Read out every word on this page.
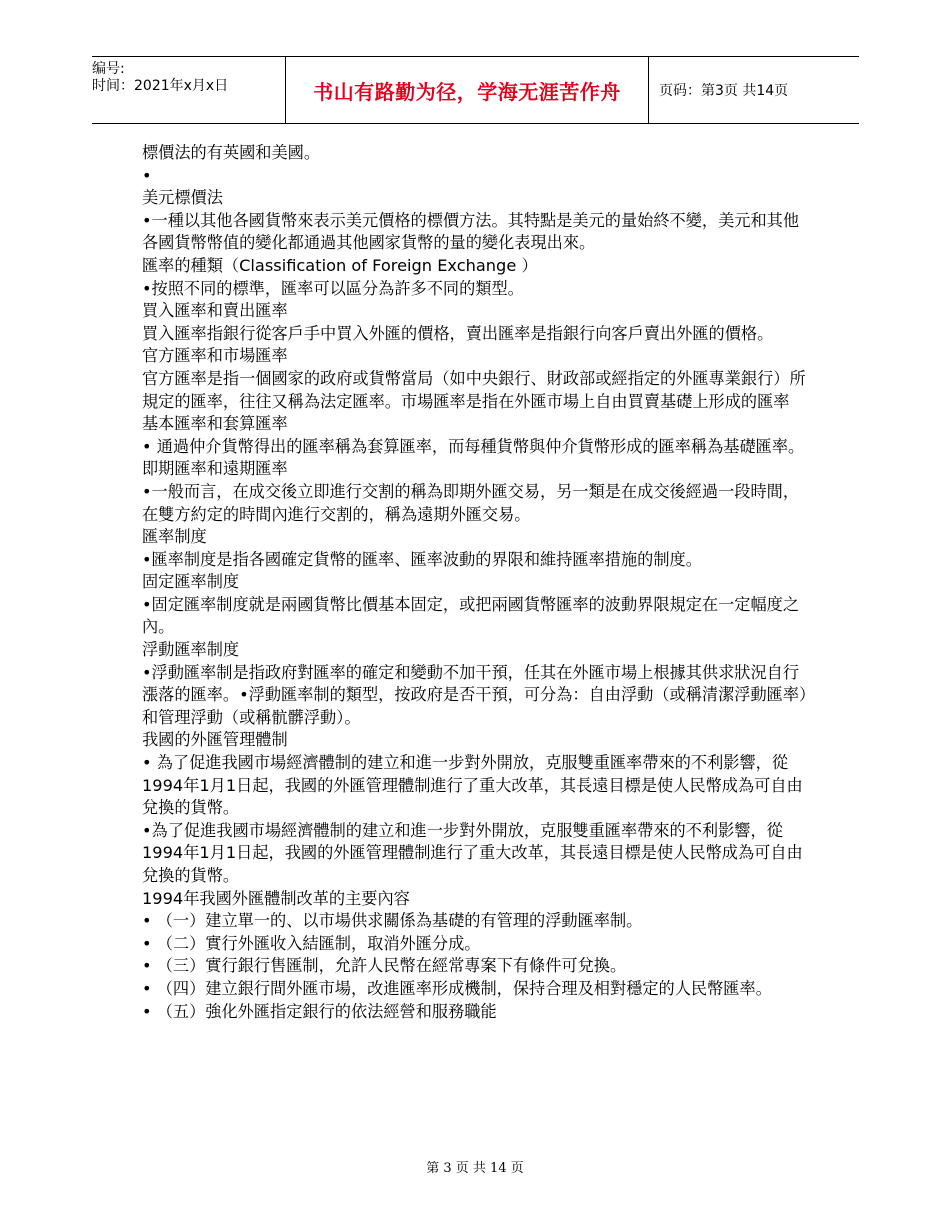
编号:
时间：2021年x月x日	书山有路勤为径，学海无涯苦作舟	页码：第3页 共14页

標價法的有英國和美國。

•

美元標價法

•一種以其他各國貨幣來表示美元價格的標價方法。其特點是美元的量始終不變，美元和其他各國貨幣幣值的變化都通過其他國家貨幣的量的變化表現出來。

匯率的種類（Classification of Foreign Exchange ）

•按照不同的標準，匯率可以區分為許多不同的類型。

買入匯率和賣出匯率

買入匯率指銀行從客戶手中買入外匯的價格，賣出匯率是指銀行向客戶賣出外匯的價格。

官方匯率和市場匯率

官方匯率是指一個國家的政府或貨幣當局（如中央銀行、財政部或經指定的外匯專業銀行）所規定的匯率，往往又稱為法定匯率。市場匯率是指在外匯市場上自由買賣基礎上形成的匯率

基本匯率和套算匯率

• 通過仲介貨幣得出的匯率稱為套算匯率，而每種貨幣與仲介貨幣形成的匯率稱為基礎匯率。

即期匯率和遠期匯率

•一般而言，在成交後立即進行交割的稱為即期外匯交易，另一類是在成交後經過一段時間，在雙方約定的時間內進行交割的，稱為遠期外匯交易。

匯率制度

•匯率制度是指各國確定貨幣的匯率、匯率波動的界限和維持匯率措施的制度。

固定匯率制度

•固定匯率制度就是兩國貨幣比價基本固定，或把兩國貨幣匯率的波動界限規定在一定幅度之內。

浮動匯率制度

•浮動匯率制是指政府對匯率的確定和變動不加干預，任其在外匯市場上根據其供求狀況自行漲落的匯率。•浮動匯率制的類型，按政府是否干預，可分為：自由浮動（或稱清潔浮動匯率）和管理浮動（或稱骯髒浮動）。

我國的外匯管理體制

• 為了促進我國市場經濟體制的建立和進一步對外開放，克服雙重匯率帶來的不利影響，從1994年1月1日起，我國的外匯管理體制進行了重大改革，其長遠目標是使人民幣成為可自由兌換的貨幣。

•為了促進我國市場經濟體制的建立和進一步對外開放，克服雙重匯率帶來的不利影響，從1994年1月1日起，我國的外匯管理體制進行了重大改革，其長遠目標是使人民幣成為可自由兌換的貨幣。

1994年我國外匯體制改革的主要內容

• （一）建立單一的、以市場供求關係為基礎的有管理的浮動匯率制。

• （二）實行外匯收入結匯制，取消外匯分成。

• （三）實行銀行售匯制，允許人民幣在經常專案下有條件可兌換。

• （四）建立銀行間外匯市場，改進匯率形成機制，保持合理及相對穩定的人民幣匯率。

• （五）強化外匯指定銀行的依法經營和服務職能

第 3 页 共 14 页
